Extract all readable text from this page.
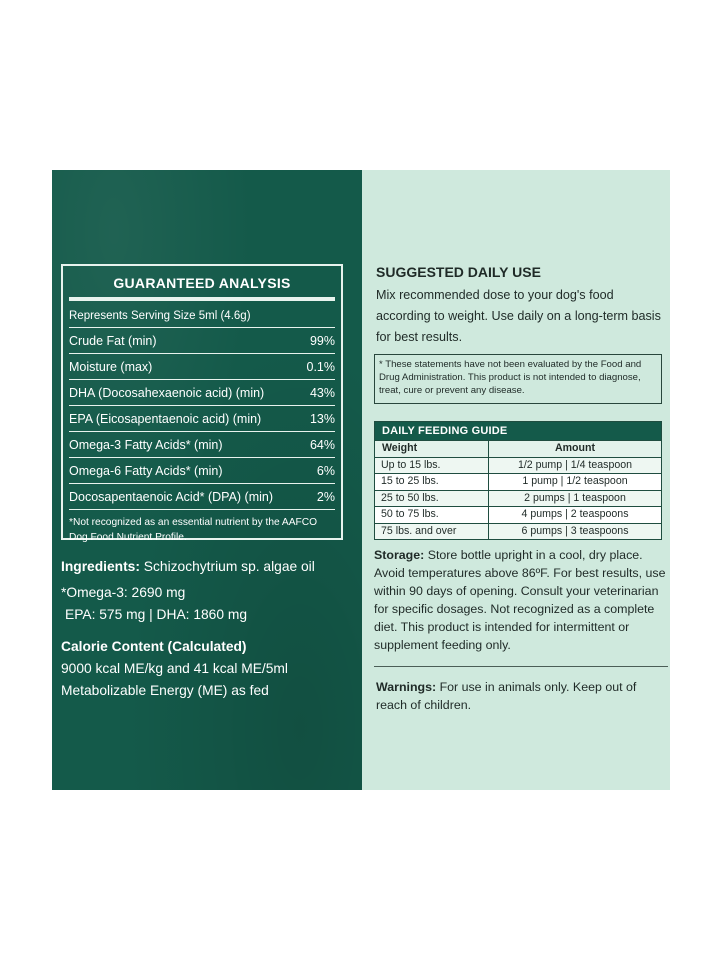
GUARANTEED ANALYSIS
Represents Serving Size 5ml (4.6g)
Crude Fat (min)	99%
Moisture (max)	0.1%
DHA (Docosahexaenoic acid) (min)	43%
EPA (Eicosapentaenoic acid) (min)	13%
Omega-3 Fatty Acids* (min)	64%
Omega-6 Fatty Acids* (min)	6%
Docosapentaenoic Acid* (DPA) (min)	2%
*Not recognized as an essential nutrient by the AAFCO Dog Food Nutrient Profile.
Ingredients: Schizochytrium sp. algae oil
*Omega-3: 2690 mg
EPA: 575 mg | DHA: 1860 mg
Calorie Content (Calculated)
9000 kcal ME/kg and 41 kcal ME/5ml
Metabolizable Energy (ME) as fed
SUGGESTED DAILY USE
Mix recommended dose to your dog's food according to weight. Use daily on a long-term basis for best results.
* These statements have not been evaluated by the Food and Drug Administration. This product is not intended to diagnose, treat, cure or prevent any disease.
DAILY FEEDING GUIDE
Weight	Amount
Up to 15 lbs.	1/2 pump | 1/4 teaspoon
15 to 25 lbs.	1 pump | 1/2 teaspoon
25 to 50 lbs.	2 pumps | 1 teaspoon
50 to 75 lbs.	4 pumps | 2 teaspoons
75 lbs. and over	6 pumps | 3 teaspoons
Storage: Store bottle upright in a cool, dry place. Avoid temperatures above 86ºF. For best results, use within 90 days of opening. Consult your veterinarian for specific dosages. Not recognized as a complete diet. This product is intended for intermittent or supplement feeding only.
Warnings: For use in animals only. Keep out of reach of children.
